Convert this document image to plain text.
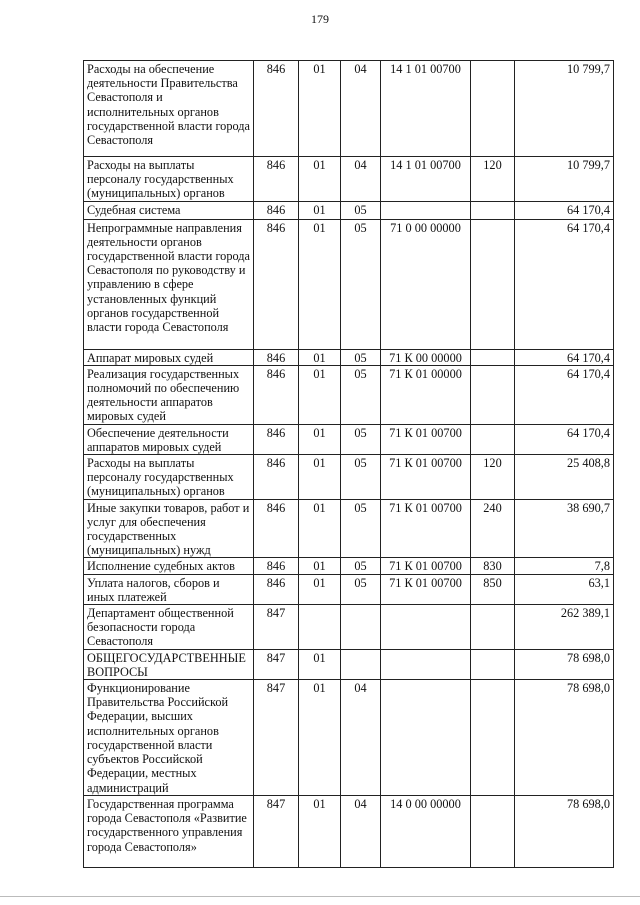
179
Расходы на обеспечение деятельности Правительства Севастополя и исполнительных органов государственной власти города Севастополя	846	01	04	14 1 01 00700		10 799,7
Расходы на выплаты персоналу государственных (муниципальных) органов	846	01	04	14 1 01 00700	120	10 799,7
Судебная система	846	01	05			64 170,4
Непрограммные направления деятельности органов государственной власти города Севастополя по руководству и управлению в сфере установленных функций органов государственной власти города Севастополя	846	01	05	71 0 00 00000		64 170,4
Аппарат мировых судей	846	01	05	71 К 00 00000		64 170,4
Реализация государственных полномочий по обеспечению деятельности аппаратов мировых судей	846	01	05	71 К 01 00000		64 170,4
Обеспечение деятельности аппаратов мировых судей	846	01	05	71 К 01 00700		64 170,4
Расходы на выплаты персоналу государственных (муниципальных) органов	846	01	05	71 К 01 00700	120	25 408,8
Иные закупки товаров, работ и услуг для обеспечения государственных (муниципальных) нужд	846	01	05	71 К 01 00700	240	38 690,7
Исполнение судебных актов	846	01	05	71 К 01 00700	830	7,8
Уплата налогов, сборов и иных платежей	846	01	05	71 К 01 00700	850	63,1
Департамент общественной безопасности города Севастополя	847					262 389,1
ОБЩЕГОСУДАРСТВЕННЫЕ ВОПРОСЫ	847	01				78 698,0
Функционирование Правительства Российской Федерации, высших исполнительных органов государственной власти субъектов Российской Федерации, местных администраций	847	01	04			78 698,0
Государственная программа города Севастополя «Развитие государственного управления города Севастополя»	847	01	04	14 0 00 00000		78 698,0
